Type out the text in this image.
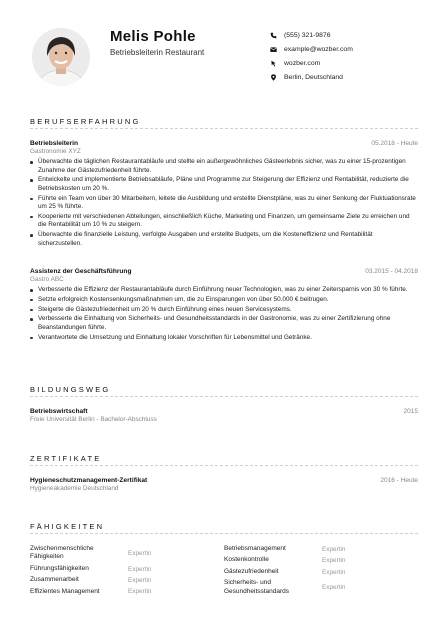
Melis Pohle
Betriebsleiterin Restaurant
(555) 321-9876
example@wozber.com
wozber.com
Berlin, Deutschland
BERUFSERFAHRUNG
Betriebsleiterin	05.2018 - Heute
Gastronomie XYZ
Überwachte die täglichen Restaurantabläufe und stellte ein außergewöhnliches Gästeerlebnis sicher, was zu einer 15-prozentigen Zunahme der Gästezufriedenheit führte.
Entwickelte und implementierte Betriebsabläufe, Pläne und Programme zur Steigerung der Effizienz und Rentabilität, reduzierte die Betriebskosten um 20 %.
Führte ein Team von über 30 Mitarbeitern, leitete die Ausbildung und erstellte Dienstpläne, was zu einer Senkung der Fluktuationsrate um 25 % führte.
Kooperierte mit verschiedenen Abteilungen, einschließlich Küche, Marketing und Finanzen, um gemeinsame Ziele zu erreichen und die Rentabilität um 10 % zu steigern.
Überwachte die finanzielle Leistung, verfolgte Ausgaben und erstellte Budgets, um die Kosteneffizienz und Rentabilität sicherzustellen.
Assistenz der Geschäftsführung	03.2015 - 04.2018
Gastro ABC
Verbesserte die Effizienz der Restaurantabläufe durch Einführung neuer Technologien, was zu einer Zeitersparnis von 30 % führte.
Setzte erfolgreich Kostensenkungsmaßnahmen um, die zu Einsparungen von über 50.000 € beitrugen.
Steigerte die Gästezufriedenheit um 20 % durch Einführung eines neuen Servicesystems.
Verbesserte die Einhaltung von Sicherheits- und Gesundheitsstandards in der Gastronomie, was zu einer Zertifizierung ohne Beanstandungen führte.
Verantwortete die Umsetzung und Einhaltung lokaler Vorschriften für Lebensmittel und Getränke.
BILDUNGSWEG
Betriebswirtschaft	2015
Freie Universität Berlin - Bachelor-Abschluss
ZERTIFIKATE
Hygieneschutzmanagement-Zertifikat	2016 - Heute
Hygieneakademie Deutschland
FÄHIGKEITEN
Zwischenmenschliche Fähigkeiten	Expertin
Führungsfähigkeiten	Expertin
Zusammenarbeit	Expertin
Effizientes Management	Expertin
Betriebsmanagement	Expertin
Kostenkontrolle	Expertin
Gästezufriedenheit	Expertin
Sicherheits- und Gesundheitsstandards	Expertin
